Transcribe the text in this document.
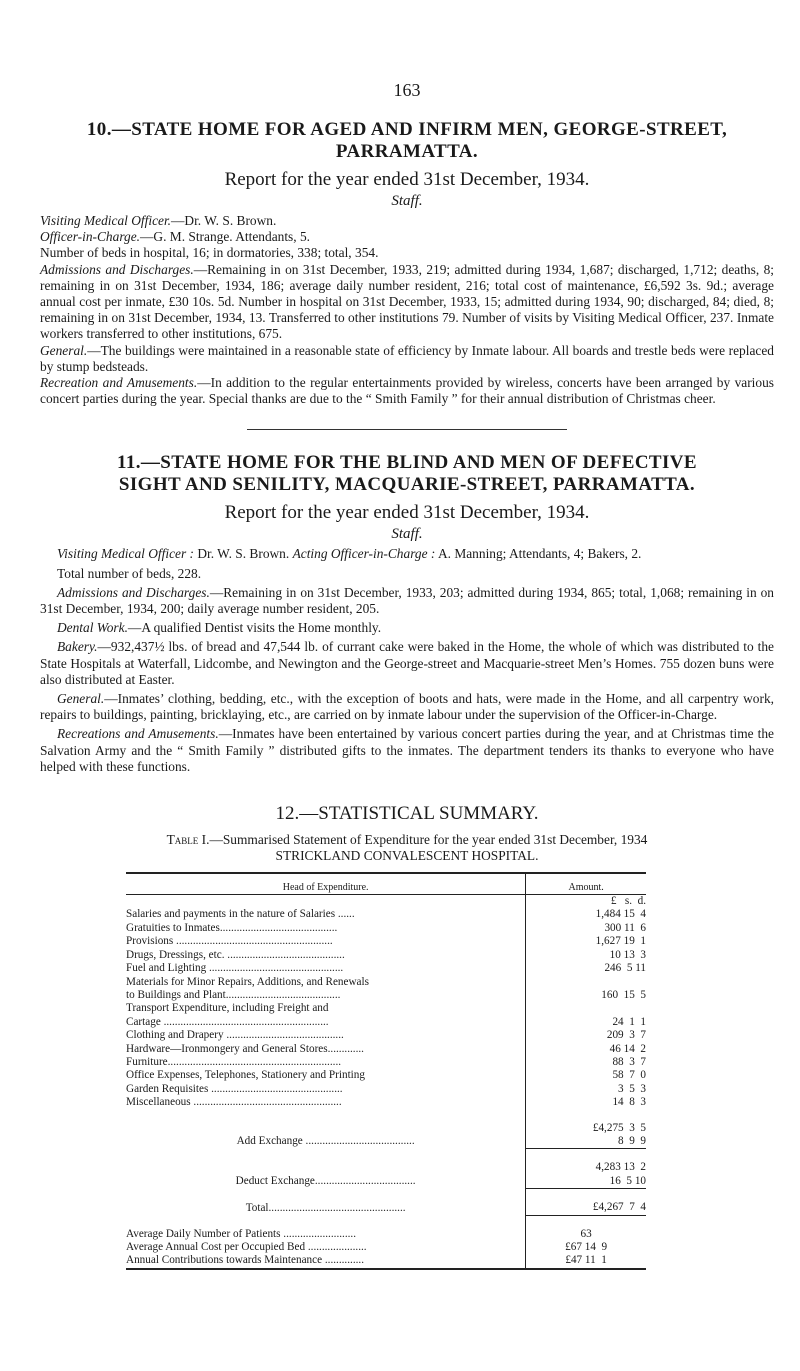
163
10.—STATE HOME FOR AGED AND INFIRM MEN, GEORGE-STREET,
PARRAMATTA.
Report for the year ended 31st December, 1934.
Staff.

Visiting Medical Officer.—Dr. W. S. Brown.

Officer-in-Charge.—G. M. Strange. Attendants, 5.

Number of beds in hospital, 16; in dormatories, 338; total, 354.

Admissions and Discharges.—Remaining in on 31st December, 1933, 219; admitted during 1934, 1,687; discharged, 1,712; deaths, 8; remaining in on 31st December, 1934, 186; average daily number resident, 216; total cost of maintenance, £6,592 3s. 9d.; average annual cost per inmate, £30 10s. 5d. Number in hospital on 31st December, 1933, 15; admitted during 1934, 90; discharged, 84; died, 8; remaining in on 31st December, 1934, 13. Transferred to other institutions 79. Number of visits by Visiting Medical Officer, 237. Inmate workers transferred to other institutions, 675.

General.—The buildings were maintained in a reasonable state of efficiency by Inmate labour. All boards and trestle beds were replaced by stump bedsteads.

Recreation and Amusements.—In addition to the regular entertainments provided by wireless, concerts have been arranged by various concert parties during the year. Special thanks are due to the “ Smith Family ” for their annual distribution of Christmas cheer.

11.—STATE HOME FOR THE BLIND AND MEN OF DEFECTIVE
SIGHT AND SENILITY, MACQUARIE-STREET, PARRAMATTA.
Report for the year ended 31st December, 1934.
Staff.

Visiting Medical Officer : Dr. W. S. Brown. Acting Officer-in-Charge : A. Manning; Attendants, 4; Bakers, 2.

Total number of beds, 228.

Admissions and Discharges.—Remaining in on 31st December, 1933, 203; admitted during 1934, 865; total, 1,068; remaining in on 31st December, 1934, 200; daily average number resident, 205.

Dental Work.—A qualified Dentist visits the Home monthly.

Bakery.—932,437½ lbs. of bread and 47,544 lb. of currant cake were baked in the Home, the whole of which was distributed to the State Hospitals at Waterfall, Lidcombe, and Newington and the George-street and Macquarie-street Men’s Homes. 755 dozen buns were also distributed at Easter.

General.—Inmates’ clothing, bedding, etc., with the exception of boots and hats, were made in the Home, and all carpentry work, repairs to buildings, painting, bricklaying, etc., are carried on by inmate labour under the supervision of the Officer-in-Charge.

Recreations and Amusements.—Inmates have been entertained by various concert parties during the year, and at Christmas time the Salvation Army and the “ Smith Family ” distributed gifts to the inmates. The department tenders its thanks to everyone who have helped with these functions.

12.—STATISTICAL SUMMARY.
Table I.—Summarised Statement of Expenditure for the year ended 31st December, 1934
STRICKLAND CONVALESCENT HOSPITAL.
Head of Expenditure.	Amount.
	£   s.  d.
Salaries and payments in the nature of Salaries ......	1,484 15  4
Gratuities to Inmates..........................................	300 11  6
Provisions ........................................................	1,627 19  1
Drugs, Dressings, etc. ..........................................	10 13  3
Fuel and Lighting ................................................	246  5 11
Materials for Minor Repairs, Additions, and Renewals	
to Buildings and Plant.........................................	160  15  5
Transport Expenditure, including Freight and	
Cartage ...........................................................	24  1  1
Clothing and Drapery ..........................................	209  3  7
Hardware—Ironmongery and General Stores.............	46 14  2
Furniture..............................................................	88  3  7
Office Expenses, Telephones, Stationery and Printing	58  7  0
Garden Requisites ...............................................	3  5  3
Miscellaneous .....................................................	14  8  3

	£4,275  3  5
Add Exchange .......................................	8  9  9

	4,283 13  2
Deduct Exchange....................................	16  5 10

Total.................................................	£4,267  7  4

Average Daily Number of Patients ..........................	63
Average Annual Cost per Occupied Bed .....................	£67 14  9
Annual Contributions towards Maintenance ..............	£47 11  1
